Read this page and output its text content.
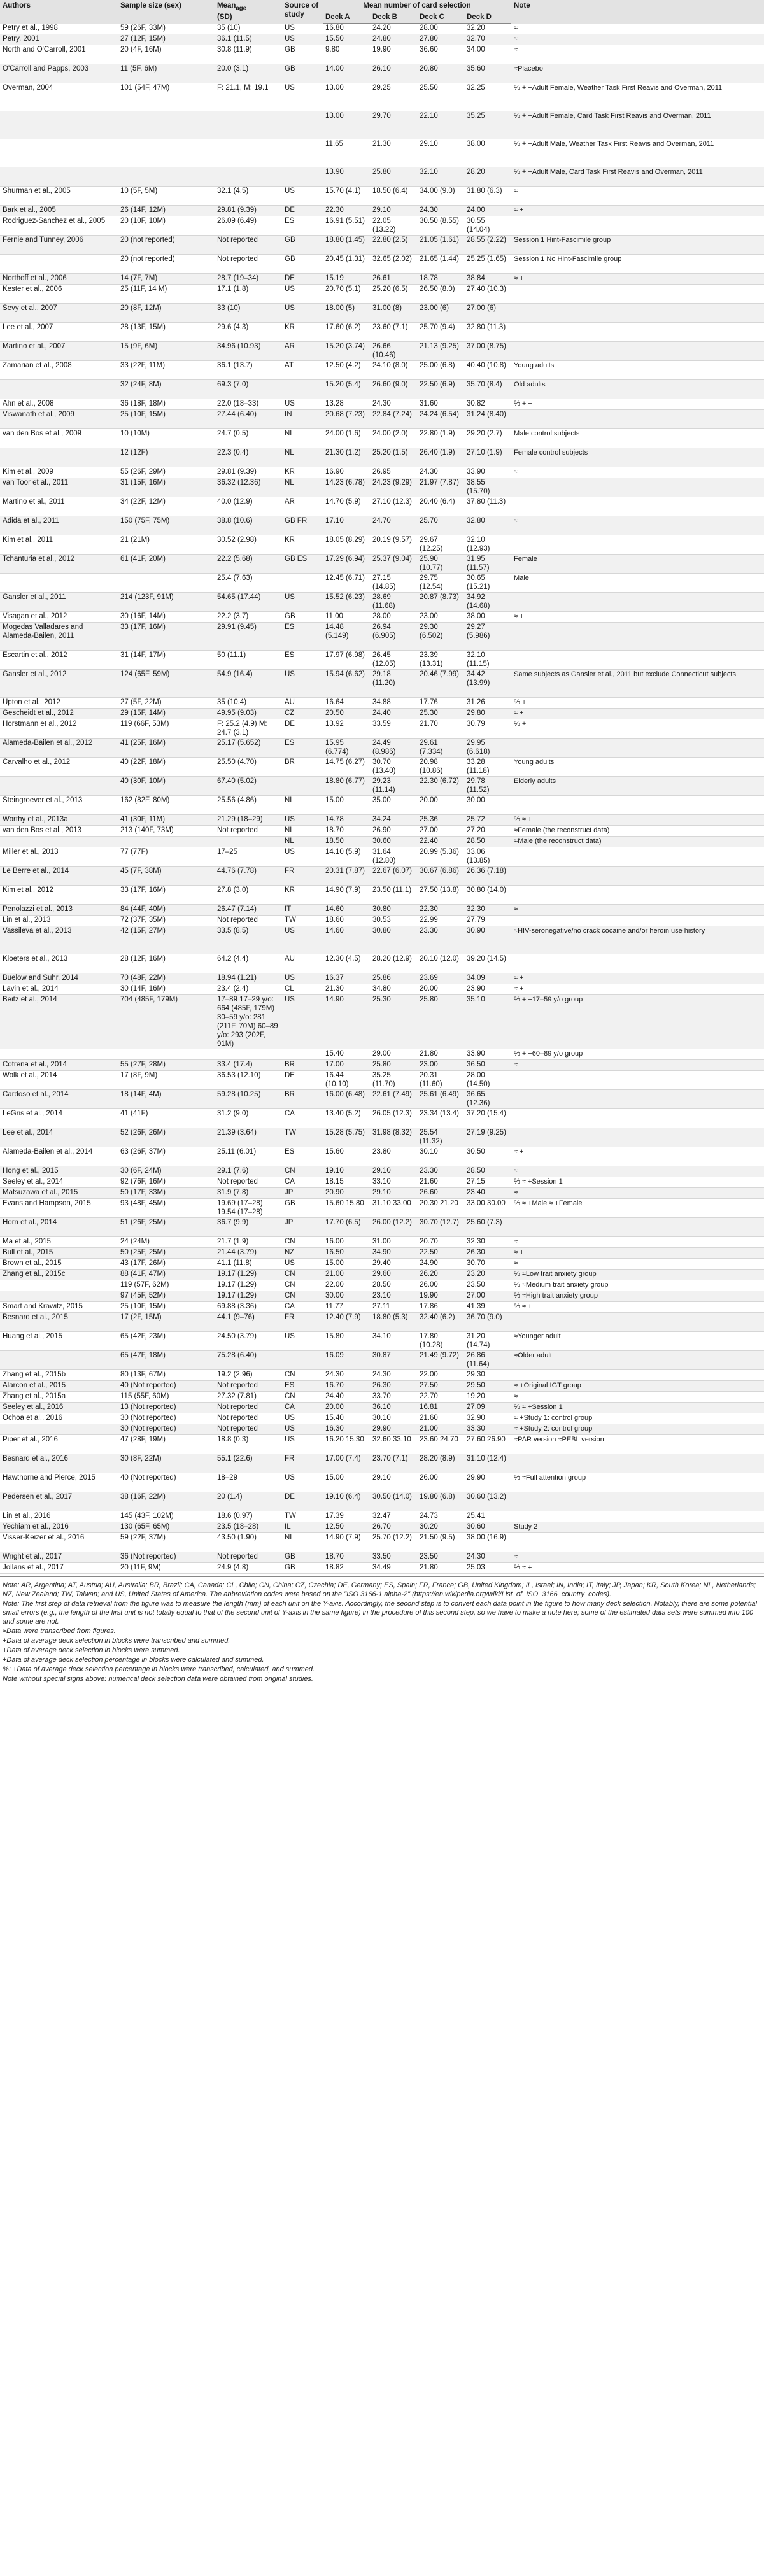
Authors	Sample size (sex)	Mean$_{age}$
(SD)	Source of study	Mean number of card selection				Note
				Deck A	Deck B	Deck C	Deck D	
Petry et al., 1998	59 (26F, 33M)	35 (10)	US	16.80	24.20	28.00	32.20	≈
Petry, 2001	27 (12F, 15M)	36.1 (11.5)	US	15.50	24.80	27.80	32.70	≈
North and O'Carroll, 2001	20 (4F, 16M)	30.8 (11.9)	GB	9.80	19.90	36.60	34.00	≈
O'Carroll and Papps, 2003	11 (5F, 6M)	20.0 (3.1)	GB	14.00	26.10	20.80	35.60	≈Placebo
Overman, 2004	101 (54F, 47M)	F: 21.1, M: 19.1	US	13.00	29.25	25.50	32.25	% + +Adult Female, Weather Task First Reavis and Overman, 2011
				13.00	29.70	22.10	35.25	% + +Adult Female, Card Task First Reavis and Overman, 2011
				11.65	21.30	29.10	38.00	% + +Adult Male, Weather Task First Reavis and Overman, 2011
				13.90	25.80	32.10	28.20	% + +Adult Male, Card Task First Reavis and Overman, 2011
Shurman et al., 2005	10 (5F, 5M)	32.1 (4.5)	US	15.70 (4.1)	18.50 (6.4)	34.00 (9.0)	31.80 (6.3)	≈
Bark et al., 2005	26 (14F, 12M)	29.81 (9.39)	DE	22.30	29.10	24.30	24.00	≈ +
Rodriguez-Sanchez et al., 2005	20 (10F, 10M)	26.09 (6.49)	ES	16.91 (5.51)	22.05 (13.22)	30.50 (8.55)	30.55 (14.04)	
Fernie and Tunney, 2006	20 (not reported)	Not reported	GB	18.80 (1.45)	22.80 (2.5)	21.05 (1.61)	28.55 (2.22)	Session 1 Hint-Fascimile group
	20 (not reported)	Not reported	GB	20.45 (1.31)	32.65 (2.02)	21.65 (1.44)	25.25 (1.65)	Session 1 No Hint-Fascimile group
Northoff et al., 2006	14 (7F, 7M)	28.7 (19–34)	DE	15.19	26.61	18.78	38.84	≈ +
Kester et al., 2006	25 (11F, 14 M)	17.1 (1.8)	US	20.70 (5.1)	25.20 (6.5)	26.50 (8.0)	27.40 (10.3)	
Sevy et al., 2007	20 (8F, 12M)	33 (10)	US	18.00 (5)	31.00 (8)	23.00 (6)	27.00 (6)	
Lee et al., 2007	28 (13F, 15M)	29.6 (4.3)	KR	17.60 (6.2)	23.60 (7.1)	25.70 (9.4)	32.80 (11.3)	
Martino et al., 2007	15 (9F, 6M)	34.96 (10.93)	AR	15.20 (3.74)	26.66 (10.46)	21.13 (9.25)	37.00 (8.75)	
Zamarian et al., 2008	33 (22F, 11M)	36.1 (13.7)	AT	12.50 (4.2)	24.10 (8.0)	25.00 (6.8)	40.40 (10.8)	Young adults
	32 (24F, 8M)	69.3 (7.0)		15.20 (5.4)	26.60 (9.0)	22.50 (6.9)	35.70 (8.4)	Old adults
Ahn et al., 2008	36 (18F, 18M)	22.0 (18–33)	US	13.28	24.30	31.60	30.82	% + +
Viswanath et al., 2009	25 (10F, 15M)	27.44 (6.40)	IN	20.68 (7.23)	22.84 (7.24)	24.24 (6.54)	31.24 (8.40)	
van den Bos et al., 2009	10 (10M)	24.7 (0.5)	NL	24.00 (1.6)	24.00 (2.0)	22.80 (1.9)	29.20 (2.7)	Male control subjects
	12 (12F)	22.3 (0.4)	NL	21.30 (1.2)	25.20 (1.5)	26.40 (1.9)	27.10 (1.9)	Female control subjects
Kim et al., 2009	55 (26F, 29M)	29.81 (9.39)	KR	16.90	26.95	24.30	33.90	≈
van Toor et al., 2011	31 (15F, 16M)	36.32 (12.36)	NL	14.23 (6.78)	24.23 (9.29)	21.97 (7.87)	38.55 (15.70)	
Martino et al., 2011	34 (22F, 12M)	40.0 (12.9)	AR	14.70 (5.9)	27.10 (12.3)	20.40 (6.4)	37.80 (11.3)	
Adida et al., 2011	150 (75F, 75M)	38.8 (10.6)	GB FR	17.10	24.70	25.70	32.80	≈
Kim et al., 2011	21 (21M)	30.52 (2.98)	KR	18.05 (8.29)	20.19 (9.57)	29.67 (12.25)	32.10 (12.93)	
Tchanturia et al., 2012	61 (41F, 20M)	22.2 (5.68)	GB ES	17.29 (6.94)	25.37 (9.04)	25.90 (10.77)	31.95 (11.57)	Female
		25.4 (7.63)		12.45 (6.71)	27.15 (14.85)	29.75 (12.54)	30.65 (15.21)	Male
Gansler et al., 2011	214 (123F, 91M)	54.65 (17.44)	US	15.52 (6.23)	28.69 (11.68)	20.87 (8.73)	34.92 (14.68)	
Visagan et al., 2012	30 (16F, 14M)	22.2 (3.7)	GB	11.00	28.00	23.00	38.00	≈ +
Mogedas Valladares and Alameda-Bailen, 2011	33 (17F, 16M)	29.91 (9.45)	ES	14.48 (5.149)	26.94 (6.905)	29.30 (6.502)	29.27 (5.986)	
Escartin et al., 2012	31 (14F, 17M)	50 (11.1)	ES	17.97 (6.98)	26.45 (12.05)	23.39 (13.31)	32.10 (11.15)	
Gansler et al., 2012	124 (65F, 59M)	54.9 (16.4)	US	15.94 (6.62)	29.18 (11.20)	20.46 (7.99)	34.42 (13.99)	Same subjects as Gansler et al., 2011 but exclude Connecticut subjects.
Upton et al., 2012	27 (5F, 22M)	35 (10.4)	AU	16.64	34.88	17.76	31.26	% +
Gescheidt et al., 2012	29 (15F, 14M)	49.95 (9.03)	CZ	20.50	24.40	25.30	29.80	≈ +
Horstmann et al., 2012	119 (66F, 53M)	F: 25.2 (4.9) M: 24.7 (3.1)	DE	13.92	33.59	21.70	30.79	% +
Alameda-Bailen et al., 2012	41 (25F, 16M)	25.17 (5.652)	ES	15.95 (6.774)	24.49 (8.986)	29.61 (7.334)	29.95 (6.618)	
Carvalho et al., 2012	40 (22F, 18M)	25.50 (4.70)	BR	14.75 (6.27)	30.70 (13.40)	20.98 (10.86)	33.28 (11.18)	Young adults
	40 (30F, 10M)	67.40 (5.02)		18.80 (6.77)	29.23 (11.14)	22.30 (6.72)	29.78 (11.52)	Elderly adults
Steingroever et al., 2013	162 (82F, 80M)	25.56 (4.86)	NL	15.00	35.00	20.00	30.00	
Worthy et al., 2013a	41 (30F, 11M)	21.29 (18–29)	US	14.78	34.24	25.36	25.72	% ≈ +
van den Bos et al., 2013	213 (140F, 73M)	Not reported	NL	18.70	26.90	27.00	27.20	≈Female (the reconstruct data)
			NL	18.50	30.60	22.40	28.50	≈Male (the reconstruct data)
Miller et al., 2013	77 (77F)	17–25	US	14.10 (5.9)	31.64 (12.80)	20.99 (5.36)	33.06 (13.85)	
Le Berre et al., 2014	45 (7F, 38M)	44.76 (7.78)	FR	20.31 (7.87)	22.67 (6.07)	30.67 (6.86)	26.36 (7.18)	
Kim et al., 2012	33 (17F, 16M)	27.8 (3.0)	KR	14.90 (7.9)	23.50 (11.1)	27.50 (13.8)	30.80 (14.0)	
Penolazzi et al., 2013	84 (44F, 40M)	26.47 (7.14)	IT	14.60	30.80	22.30	32.30	≈
Lin et al., 2013	72 (37F, 35M)	Not reported	TW	18.60	30.53	22.99	27.79	
Vassileva et al., 2013	42 (15F, 27M)	33.5 (8.5)	US	14.60	30.80	23.30	30.90	≈HIV-seronegative/no crack cocaine and/or heroin use history
Kloeters et al., 2013	28 (12F, 16M)	64.2 (4.4)	AU	12.30 (4.5)	28.20 (12.9)	20.10 (12.0)	39.20 (14.5)	
Buelow and Suhr, 2014	70 (48F, 22M)	18.94 (1.21)	US	16.37	25.86	23.69	34.09	≈ +
Lavin et al., 2014	30 (14F, 16M)	23.4 (2.4)	CL	21.30	34.80	20.00	23.90	≈ +
Beitz et al., 2014	704 (485F, 179M)	17–89 17–29 y/o: 664 (485F, 179M) 30–59 y/o: 281 (211F, 70M) 60–89 y/o: 293 (202F, 91M)	US	14.90	25.30	25.80	35.10	% + +17–59 y/o group
				15.40	29.00	21.80	33.90	% + +60–89 y/o group
Cotrena et al., 2014	55 (27F, 28M)	33.4 (17.4)	BR	17.00	25.80	23.00	36.50	≈
Wolk et al., 2014	17 (8F, 9M)	36.53 (12.10)	DE	16.44 (10.10)	35.25 (11.70)	20.31 (11.60)	28.00 (14.50)	
Cardoso et al., 2014	18 (14F, 4M)	59.28 (10.25)	BR	16.00 (6.48)	22.61 (7.49)	25.61 (6.49)	36.65 (12.36)	
LeGris et al., 2014	41 (41F)	31.2 (9.0)	CA	13.40 (5.2)	26.05 (12.3)	23.34 (13.4)	37.20 (15.4)	
Lee et al., 2014	52 (26F, 26M)	21.39 (3.64)	TW	15.28 (5.75)	31.98 (8.32)	25.54 (11.32)	27.19 (9.25)	
Alameda-Bailen et al., 2014	63 (26F, 37M)	25.11 (6.01)	ES	15.60	23.80	30.10	30.50	≈ +
Hong et al., 2015	30 (6F, 24M)	29.1 (7.6)	CN	19.10	29.10	23.30	28.50	≈
Seeley et al., 2014	92 (76F, 16M)	Not reported	CA	18.15	33.10	21.60	27.15	% ≈ +Session 1
Matsuzawa et al., 2015	50 (17F, 33M)	31.9 (7.8)	JP	20.90	29.10	26.60	23.40	≈
Evans and Hampson, 2015	93 (48F, 45M)	19.69 (17–28) 19.54 (17–28)	GB	15.60 15.80	31.10 33.00	20.30 21.20	33.00 30.00	% ≈ +Male ≈ +Female
Horn et al., 2014	51 (26F, 25M)	36.7 (9.9)	JP	17.70 (6.5)	26.00 (12.2)	30.70 (12.7)	25.60 (7.3)	
Ma et al., 2015	24 (24M)	21.7 (1.9)	CN	16.00	31.00	20.70	32.30	≈
Bull et al., 2015	50 (25F, 25M)	21.44 (3.79)	NZ	16.50	34.90	22.50	26.30	≈ +
Brown et al., 2015	43 (17F, 26M)	41.1 (11.8)	US	15.00	29.40	24.90	30.70	≈
Zhang et al., 2015c	88 (41F, 47M)	19.17 (1.29)	CN	21.00	29.60	26.20	23.20	% ≈Low trait anxiety group
	119 (57F, 62M)	19.17 (1.29)	CN	22.00	28.50	26.00	23.50	% ≈Medium trait anxiety group
	97 (45F, 52M)	19.17 (1.29)	CN	30.00	23.10	19.90	27.00	% ≈High trait anxiety group
Smart and Krawitz, 2015	25 (10F, 15M)	69.88 (3.36)	CA	11.77	27.11	17.86	41.39	% ≈ +
Besnard et al., 2015	17 (2F, 15M)	44.1 (9–76)	FR	12.40 (7.9)	18.80 (5.3)	32.40 (6.2)	36.70 (9.0)	
Huang et al., 2015	65 (42F, 23M)	24.50 (3.79)	US	15.80	34.10	17.80 (10.28)	31.20 (14.74)	≈Younger adult
	65 (47F, 18M)	75.28 (6.40)		16.09	30.87	21.49 (9.72)	26.86 (11.64)	≈Older adult
Zhang et al., 2015b	80 (13F, 67M)	19.2 (2.96)	CN	24.30	24.30	22.00	29.30	
Alarcon et al., 2015	40 (Not reported)	Not reported	ES	16.70	26.30	27.50	29.50	≈ +Original IGT group
Zhang et al., 2015a	115 (55F, 60M)	27.32 (7.81)	CN	24.40	33.70	22.70	19.20	≈
Seeley et al., 2016	13 (Not reported)	Not reported	CA	20.00	36.10	16.81	27.09	% ≈ +Session 1
Ochoa et al., 2016	30 (Not reported)	Not reported	US	15.40	30.10	21.60	32.90	≈ +Study 1: control group
	30 (Not reported)	Not reported	US	16.30	29.90	21.00	33.30	≈ +Study 2: control group
Piper et al., 2016	47 (28F, 19M)	18.8 (0.3)	US	16.20 15.30	32.60 33.10	23.60 24.70	27.60 26.90	≈PAR version ≈PEBL version
Besnard et al., 2016	30 (8F, 22M)	55.1 (22.6)	FR	17.00 (7.4)	23.70 (7.1)	28.20 (8.9)	31.10 (12.4)	
Hawthorne and Pierce, 2015	40 (Not reported)	18–29	US	15.00	29.10	26.00	29.90	% ≈Full attention group
Pedersen et al., 2017	38 (16F, 22M)	20 (1.4)	DE	19.10 (6.4)	30.50 (14.0)	19.80 (6.8)	30.60 (13.2)	
Lin et al., 2016	145 (43F, 102M)	18.6 (0.97)	TW	17.39	32.47	24.73	25.41	
Yechiam et al., 2016	130 (65F, 65M)	23.5 (18–28)	IL	12.50	26.70	30.20	30.60	Study 2
Visser-Keizer et al., 2016	59 (22F, 37M)	43.50 (1.90)	NL	14.90 (7.9)	25.70 (12.2)	21.50 (9.5)	38.00 (16.9)	
Wright et al., 2017	36 (Not reported)	Not reported	GB	18.70	33.50	23.50	24.30	≈
Jollans et al., 2017	20 (11F, 9M)	24.9 (4.8)	GB	18.82	34.49	21.80	25.03	% ≈ +

Note: AR, Argentina; AT, Austria; AU, Australia; BR, Brazil; CA, Canada; CL, Chile; CN, China; CZ, Czechia; DE, Germany; ES, Spain; FR, France; GB, United Kingdom; IL, Israel; IN, India; IT, Italy; JP, Japan; KR, South Korea; NL, Netherlands; NZ, New Zealand; TW, Taiwan; and US, United States of America. The abbreviation codes were based on the "ISO 3166-1 alpha-2" (https://en.wikipedia.org/wiki/List_of_ISO_3166_country_codes).

Note: The first step of data retrieval from the figure was to measure the length (mm) of each unit on the Y-axis. Accordingly, the second step is to convert each data point in the figure to how many deck selection. Notably, there are some potential small errors (e.g., the length of the first unit is not totally equal to that of the second unit of Y-axis in the same figure) in the procedure of this second step, so we have to make a note here; some of the estimated data sets were summed into 100 and some are not.

≈Data were transcribed from figures.

+Data of average deck selection in blocks were transcribed and summed.

+Data of average deck selection in blocks were summed.

+Data of average deck selection percentage in blocks were calculated and summed.

%: +Data of average deck selection percentage in blocks were transcribed, calculated, and summed.

Note without special signs above: numerical deck selection data were obtained from original studies.
